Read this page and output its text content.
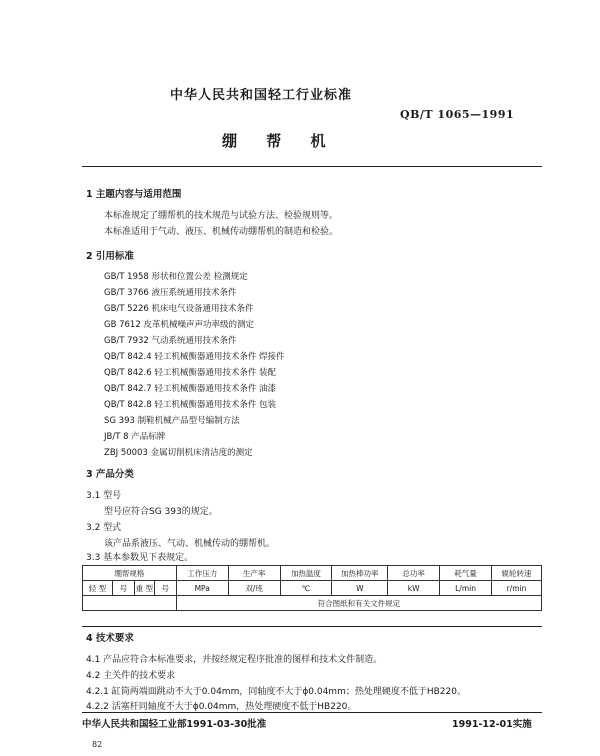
中华人民共和国轻工行业标准
QB/T 1065—1991
绷 帮 机
1 主题内容与适用范围
本标准规定了绷帮机的技术规范与试验方法、检验规则等。
本标准适用于气动、液压、机械传动绷帮机的制造和检验。
2 引用标准
GB/T 1958 形状和位置公差 检测规定
GB/T 3766 液压系统通用技术条件
GB/T 5226 机床电气设备通用技术条件
GB 7612 皮革机械噪声声功率级的测定
GB/T 7932 气动系统通用技术条件
QB/T 842.4 轻工机械衡器通用技术条件 焊接件
QB/T 842.6 轻工机械衡器通用技术条件 装配
QB/T 842.7 轻工机械衡器通用技术条件 油漆
QB/T 842.8 轻工机械衡器通用技术条件 包装
SG 393 制鞋机械产品型号编制方法
JB/T 8 产品标牌
ZBJ 50003 金属切削机床清洁度的测定
3 产品分类
3.1 型号
型号应符合SG 393的规定。
3.2 型式
该产品系液压、气动、机械传动的绷帮机。
3.3 基本参数见下表规定。
绷帮规格				工作压力	生产率	加热温度	加热棒功率	总功率	耗气量	辊轮转速

轻 型	号	重 型	号	MPa	双/班	℃	W	kW	L/min	r/min
				符合图纸和有关文件规定						
4 技术要求
4.1 产品应符合本标准要求，并按经规定程序批准的图样和技术文件制造。
4.2 主关件的技术要求
4.2.1 缸筒两端面跳动不大于0.04mm，同轴度不大于ϕ0.04mm；热处理硬度不低于HB220。
4.2.2 活塞杆同轴度不大于ϕ0.04mm，热处理硬度不低于HB220。
中华人民共和国轻工业部1991-03-30批准	1991-12-01实施
82
